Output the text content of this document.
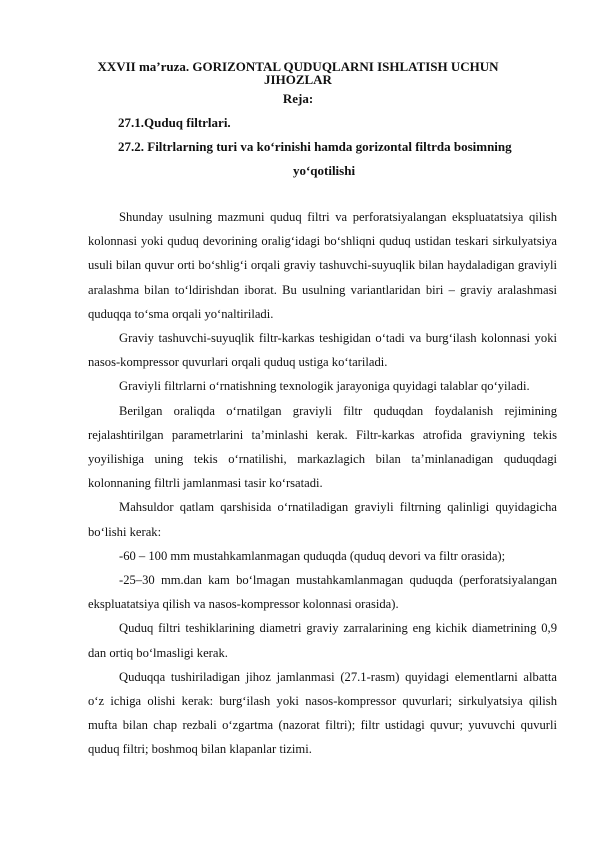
XXVII ma’ruza. GORIZONTAL QUDUQLARNI ISHLATISH UCHUN JIHOZLAR
Reja:
27.1.Quduq filtrlari.
27.2. Filtrlarning turi va ko‘rinishi hamda gorizontal filtrda bosimning
yo‘qotilishi

Shunday usulning mazmuni quduq filtri va perforatsiyalangan ekspluatatsiya qilish kolonnasi yoki quduq devorining oralig‘idagi bo‘shliqni quduq ustidan teskari sirkulyatsiya usuli bilan quvur orti bo‘shlig‘i orqali graviy tashuvchi-suyuqlik bilan haydaladigan graviyli aralashma bilan to‘ldirishdan iborat. Bu usulning variantlaridan biri – graviy aralashmasi quduqqa to‘sma orqali yo‘naltiriladi.

Graviy tashuvchi-suyuqlik filtr-karkas teshigidan o‘tadi va burg‘ilash kolonnasi yoki nasos-kompressor quvurlari orqali quduq ustiga ko‘tariladi.

Graviyli filtrlarni o‘rnatishning texnologik jarayoniga quyidagi talablar qo‘yiladi.

Berilgan oraliqda o‘rnatilgan graviyli filtr quduqdan foydalanish rejimining rejalashtirilgan parametrlarini ta’minlashi kerak. Filtr-karkas atrofida graviyning tekis yoyilishiga uning tekis o‘rnatilishi, markazlagich bilan ta’minlanadigan quduqdagi kolonnaning filtrli jamlanmasi tasir ko‘rsatadi.

Mahsuldor qatlam qarshisida o‘rnatiladigan graviyli filtrning qalinligi quyidagicha bo‘lishi kerak:

-60 – 100 mm mustahkamlanmagan quduqda (quduq devori va filtr orasida);

-25–30 mm.dan kam bo‘lmagan mustahkamlanmagan quduqda (perforatsiyalangan ekspluatatsiya qilish va nasos-kompressor kolonnasi orasida).

Quduq filtri teshiklarining diametri graviy zarralarining eng kichik diametrining 0,9 dan ortiq bo‘lmasligi kerak.

Quduqqa tushiriladigan jihoz jamlanmasi (27.1-rasm) quyidagi elementlarni albatta o‘z ichiga olishi kerak: burg‘ilash yoki nasos-kompressor quvurlari; sirkulyatsiya qilish mufta bilan chap rezbali o‘zgartma (nazorat filtri); filtr ustidagi quvur; yuvuvchi quvurli quduq filtri; boshmoq bilan klapanlar tizimi.
